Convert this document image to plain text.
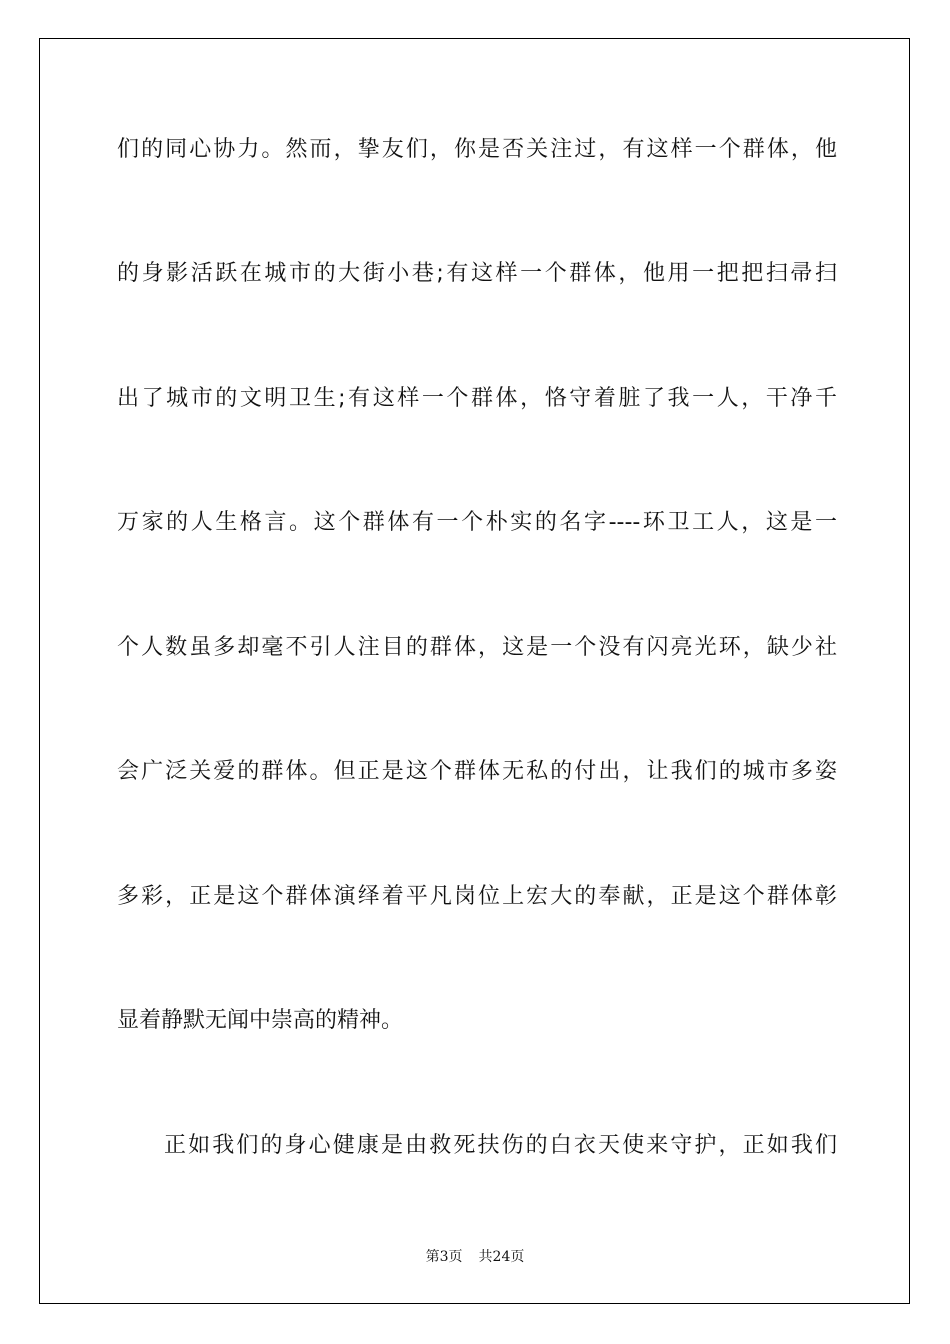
们的同心协力。然而，挚友们，你是否关注过，有这样一个群体，他
的身影活跃在城市的大街小巷;有这样一个群体，他用一把把扫帚扫
出了城市的文明卫生;有这样一个群体，恪守着脏了我一人，干净千
万家的人生格言。这个群体有一个朴实的名字----环卫工人，这是一
个人数虽多却毫不引人注目的群体，这是一个没有闪亮光环，缺少社
会广泛关爱的群体。但正是这个群体无私的付出，让我们的城市多姿
多彩，正是这个群体演绎着平凡岗位上宏大的奉献，正是这个群体彰
显着静默无闻中崇高的精神。
正如我们的身心健康是由救死扶伤的白衣天使来守护，正如我们
第3页 共24页
